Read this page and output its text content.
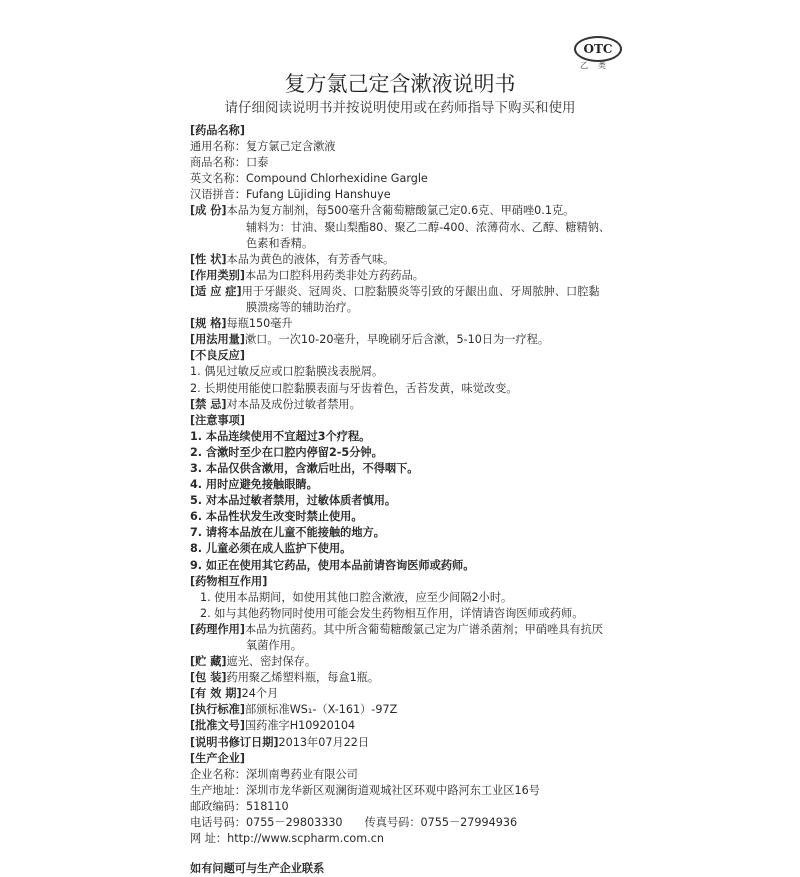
OTC
乙类
复方氯己定含漱液说明书
请仔细阅读说明书并按说明使用或在药师指导下购买和使用
[药品名称]
通用名称：复方氯己定含漱液
商品名称：口泰
英文名称：Compound Chlorhexidine Gargle
汉语拼音：Fufang Lüjiding Hanshuye
[成 份]本品为复方制剂，每500毫升含葡萄糖酸氯己定0.6克、甲硝唑0.1克。
辅料为：甘油、聚山梨酯80、聚乙二醇-400、浓薄荷水、乙醇、糖精钠、
色素和香精。
[性 状]本品为黄色的液体，有芳香气味。
[作用类别]本品为口腔科用药类非处方药药品。
[适 应 症]用于牙龈炎、冠周炎、口腔黏膜炎等引致的牙龈出血、牙周脓肿、口腔黏
膜溃疡等的辅助治疗。
[规 格]每瓶150毫升
[用法用量]漱口。一次10-20毫升，早晚刷牙后含漱，5-10日为一疗程。
[不良反应]
1. 偶见过敏反应或口腔黏膜浅表脱屑。
2. 长期使用能使口腔黏膜表面与牙齿着色，舌苔发黄，味觉改变。
[禁 忌]对本品及成份过敏者禁用。
[注意事项]
1. 本品连续使用不宜超过3个疗程。
2. 含漱时至少在口腔内停留2-5分钟。
3. 本品仅供含漱用，含漱后吐出，不得咽下。
4. 用时应避免接触眼睛。
5. 对本品过敏者禁用，过敏体质者慎用。
6. 本品性状发生改变时禁止使用。
7. 请将本品放在儿童不能接触的地方。
8. 儿童必须在成人监护下使用。
9. 如正在使用其它药品，使用本品前请咨询医师或药师。
[药物相互作用]
1. 使用本品期间，如使用其他口腔含漱液，应至少间隔2小时。
2. 如与其他药物同时使用可能会发生药物相互作用，详情请咨询医师或药师。
[药理作用]本品为抗菌药。其中所含葡萄糖酸氯己定为广谱杀菌剂；甲硝唑具有抗厌
氧菌作用。
[贮 藏]遮光、密封保存。
[包 装]药用聚乙烯塑料瓶，每盒1瓶。
[有 效 期]24个月
[执行标准]部颁标准WS₁-（X-161）-97Z
[批准文号]国药准字H10920104
[说明书修订日期]2013年07月22日
[生产企业]
企业名称：深圳南粤药业有限公司
生产地址：深圳市龙华新区观澜街道观城社区环观中路河东工业区16号
邮政编码：518110
电话号码：0755－29803330 传真号码：0755－27994936
网 址：http://www.scpharm.com.cn
如有问题可与生产企业联系
